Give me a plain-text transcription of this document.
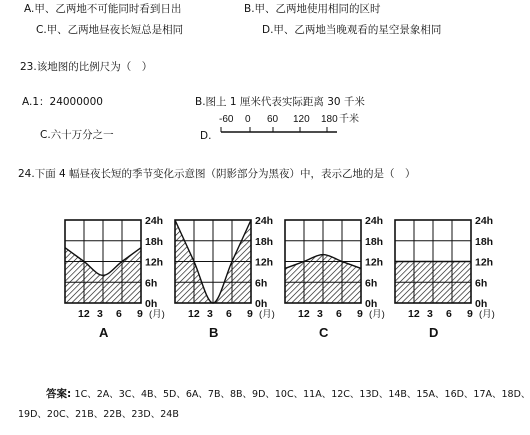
A.甲、乙两地不可能同时看到日出	B.甲、乙两地使用相同的区时
C.甲、乙两地昼夜长短总是相同	D.甲、乙两地当晚观看的星空景象相同
23.该地图的比例尺为（　）
A.1：24000000	B.图上 1 厘米代表实际距离 30 千米
C.六十万分之一	D.
-60 0 60 120 180 千米
24.下面 4 幅昼夜长短的季节变化示意图（阴影部分为黑夜）中，表示乙地的是（　）
24h
18h
12h
6h
0h
12 3 6 9 (月)
A
24h
18h
12h
6h
0h
12 3 6 9 (月)
B
24h
18h
12h
6h
0h
12 3 6 9 (月)
C
24h
18h
12h
6h
0h
12 3 6 9 (月)
D
答案: 1C、2A、3C、4B、5D、6A、7B、8B、9D、10C、11A、12C、13D、14B、15A、16D、17A、18D、
19D、20C、21B、22B、23D、24B
